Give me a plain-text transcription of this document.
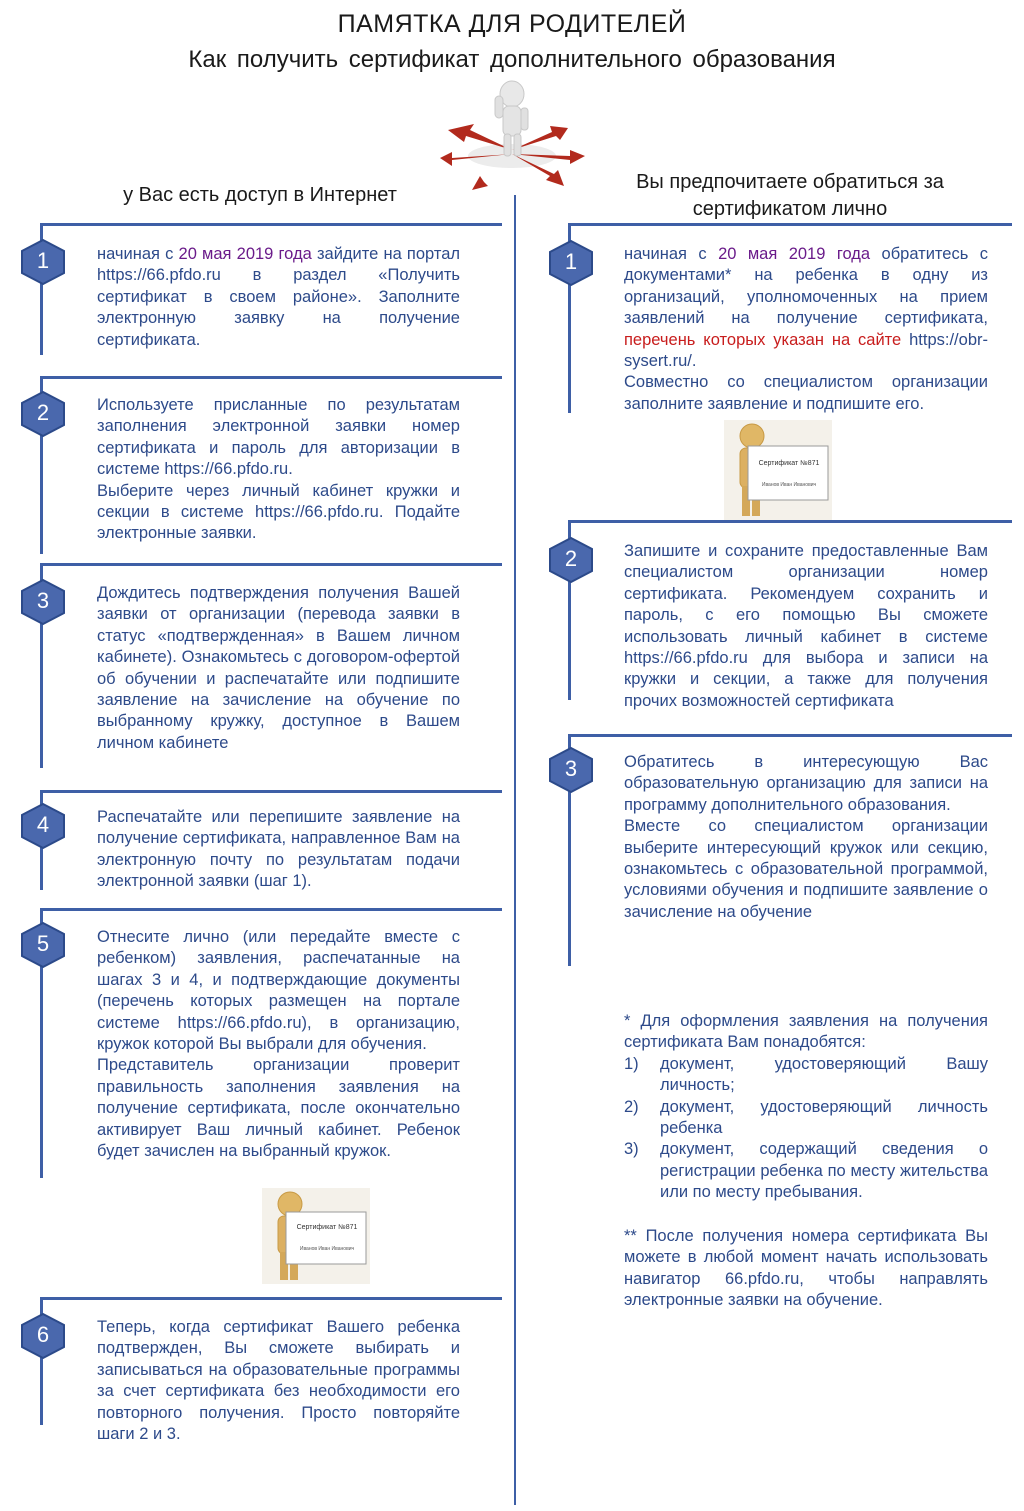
ПАМЯТКА ДЛЯ РОДИТЕЛЕЙ
Как получить сертификат дополнительного образования
у Вас есть доступ в Интернет
Вы предпочитаете обратиться за
сертификатом лично
1	начиная с 20 мая 2019 года зайдите на портал https://66.pfdo.ru в раздел «Получить сертификат в своем районе». Заполните электронную заявку на получение сертификата.

2	Используете присланные по результатам заполнения электронной заявки номер сертификата и пароль для авторизации в системе https://66.pfdo.ru.

Выберите через личный кабинет кружки и секции в системе https://66.pfdo.ru. Подайте электронные заявки.

3	Дождитесь подтверждения получения Вашей заявки от организации (перевода заявки в статус «подтвержденная» в Вашем личном кабинете). Ознакомьтесь с договором-офертой об обучении и распечатайте или подпишите заявление на зачисление на обучение по выбранному кружку, доступное в Вашем личном кабинете

4	Распечатайте или перепишите заявление на получение сертификата, направленное Вам на электронную почту по результатам подачи электронной заявки (шаг 1).

5	Отнесите лично (или передайте вместе с ребенком) заявления, распечатанные на шагах 3 и 4, и подтверждающие документы (перечень которых размещен на портале системе https://66.pfdo.ru), в организацию, кружок которой Вы выбрали для обучения.

Представитель организации проверит правильность заполнения заявления на получение сертификата, после окончательно активирует Ваш личный кабинет. Ребенок будет зачислен на выбранный кружок.

Сертификат №871
Иванов Иван Иванович
6	Теперь, когда сертификат Вашего ребенка подтвержден, Вы сможете выбирать и записываться на образовательные программы за счет сертификата без необходимости его повторного получения. Просто повторяйте шаги 2 и 3.

1	начиная с 20 мая 2019 года обратитесь с документами* на ребенка в одну из организаций, уполномоченных на прием заявлений на получение сертификата, перечень которых указан на сайте https://obr-sysert.ru/.

Совместно со специалистом организации заполните заявление и подпишите его.

Сертификат №871
Иванов Иван Иванович
2	Запишите и сохраните предоставленные Вам специалистом организации номер сертификата. Рекомендуем сохранить и пароль, с его помощью Вы сможете использовать личный кабинет в системе https://66.pfdo.ru для выбора и записи на кружки и секции, а также для получения прочих возможностей сертификата

3	Обратитесь в интересующую Вас образовательную организацию для записи на программу дополнительного образования.

Вместе со специалистом организации выберите интересующий кружок или секцию, ознакомьтесь с образовательной программой, условиями обучения и подпишите заявление о зачисление на обучение

* Для оформления заявления на получения сертификата Вам понадобятся:

1) документ, удостоверяющий Вашу личность;
2) документ, удостоверяющий личность ребенка
3) документ, содержащий сведения о регистрации ребенка по месту жительства или по месту пребывания.
** После получения номера сертификата Вы можете в любой момент начать использовать навигатор 66.pfdo.ru, чтобы направлять электронные заявки на обучение.
